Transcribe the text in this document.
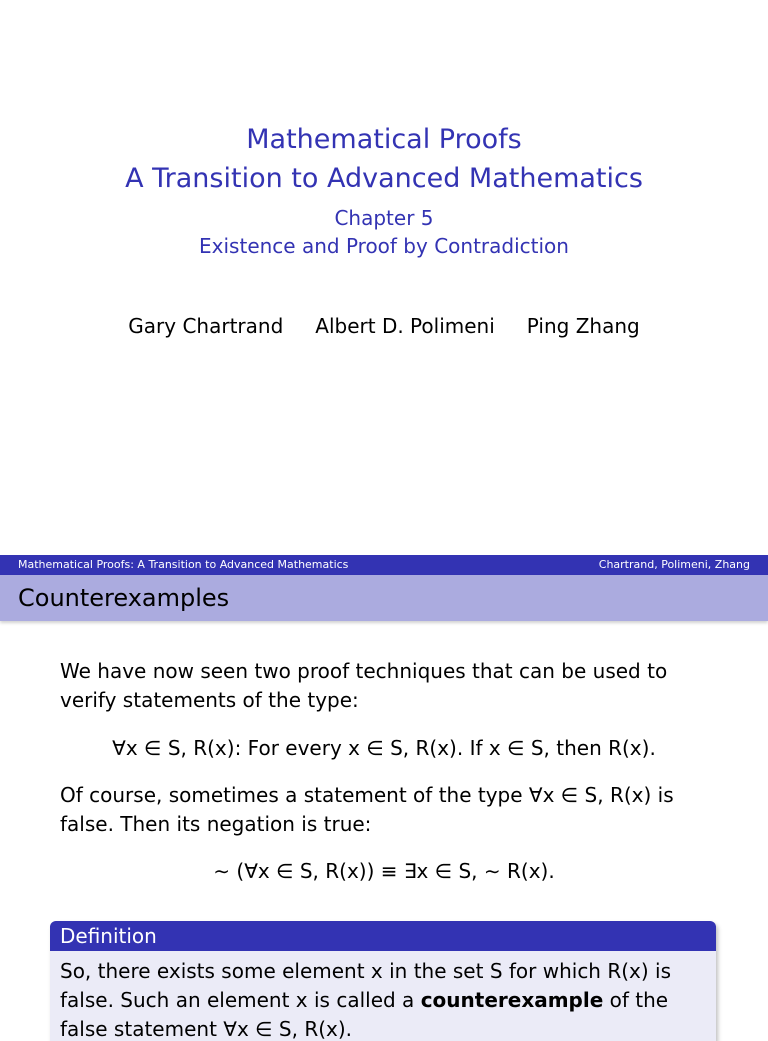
Mathematical Proofs
A Transition to Advanced Mathematics
Chapter 5
Existence and Proof by Contradiction
Gary Chartrand Albert D. Polimeni Ping Zhang
Mathematical Proofs: A Transition to Advanced Mathematics	Chartrand, Polimeni, Zhang
Counterexamples
We have now seen two proof techniques that can be used to verify statements of the type:
∀x ∈ S, R(x): For every x ∈ S, R(x). If x ∈ S, then R(x).
Of course, sometimes a statement of the type ∀x ∈ S, R(x) is false. Then its negation is true:
∼ (∀x ∈ S, R(x)) ≡ ∃x ∈ S, ∼ R(x).
Definition
So, there exists some element x in the set S for which R(x) is false. Such an element x is called a counterexample of the false statement ∀x ∈ S, R(x).
